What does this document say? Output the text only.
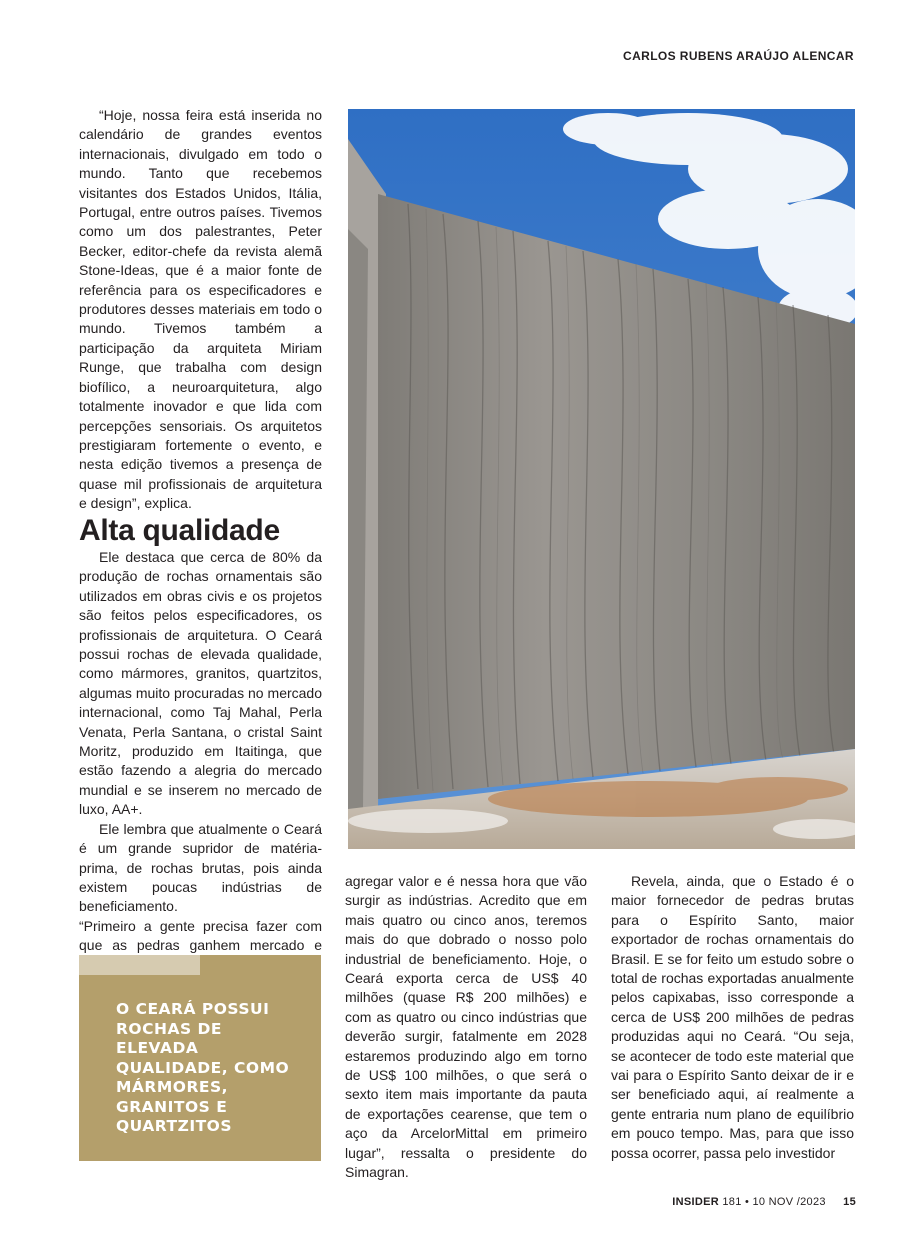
CARLOS RUBENS ARAÚJO ALENCAR

“Hoje, nossa feira está inserida no calendário de grandes eventos internacionais, divulgado em todo o mundo. Tanto que recebemos visitantes dos Estados Unidos, Itália, Portugal, entre outros países. Tivemos como um dos palestrantes, Peter Becker, editor-chefe da revista alemã Stone-Ideas, que é a maior fonte de referência para os especificadores e produtores desses materiais em todo o mundo. Tivemos também a participação da arquiteta Miriam Runge, que trabalha com design biofílico, a neuroarquitetura, algo totalmente inovador e que lida com percepções sensoriais. Os arquitetos prestigiaram fortemente o evento, e nesta edição tivemos a presença de quase mil profissionais de arquitetura e design”, explica.

Alta qualidade

Ele destaca que cerca de 80% da produção de rochas ornamentais são utilizados em obras civis e os projetos são feitos pelos especificadores, os profissionais de arquitetura. O Ceará possui rochas de elevada qualidade, como mármores, granitos, quartzitos, algumas muito procuradas no mercado internacional, como Taj Mahal, Perla Venata, Perla Santana, o cristal Saint Moritz, produzido em Itaitinga, que estão fazendo a alegria do mercado mundial e se inserem no mercado de luxo, AA+.

Ele lembra que atualmente o Ceará é um grande supridor de matéria-prima, de rochas brutas, pois ainda existem poucas indústrias de beneficiamento.

“Primeiro a gente precisa fazer com que as pedras ganhem mercado e

agregar valor e é nessa hora que vão surgir as indústrias. Acredito que em mais quatro ou cinco anos, teremos mais do que dobrado o nosso polo industrial de beneficiamento. Hoje, o Ceará exporta cerca de US$ 40 milhões (quase R$ 200 milhões) e com as quatro ou cinco indústrias que deverão surgir, fatalmente em 2028 estaremos produzindo algo em torno de US$ 100 milhões, o que será o sexto item mais importante da pauta de exportações cearense, que tem o aço da ArcelorMittal em primeiro lugar”, ressalta o presidente do Simagran.

Revela, ainda, que o Estado é o maior fornecedor de pedras brutas para o Espírito Santo, maior exportador de rochas ornamentais do Brasil. E se for feito um estudo sobre o total de rochas exportadas anualmente pelos capixabas, isso corresponde a cerca de US$ 200 milhões de pedras produzidas aqui no Ceará. “Ou seja, se acontecer de todo este material que vai para o Espírito Santo deixar de ir e ser beneficiado aqui, aí realmente a gente entraria num plano de equilíbrio em pouco tempo. Mas, para que isso possa ocorrer, passa pelo investidor

O CEARÁ POSSUI ROCHAS DE ELEVADA QUALIDADE, COMO MÁRMORES, GRANITOS E QUARTZITOS
INSIDER 181 • 10 NOV /2023 15
